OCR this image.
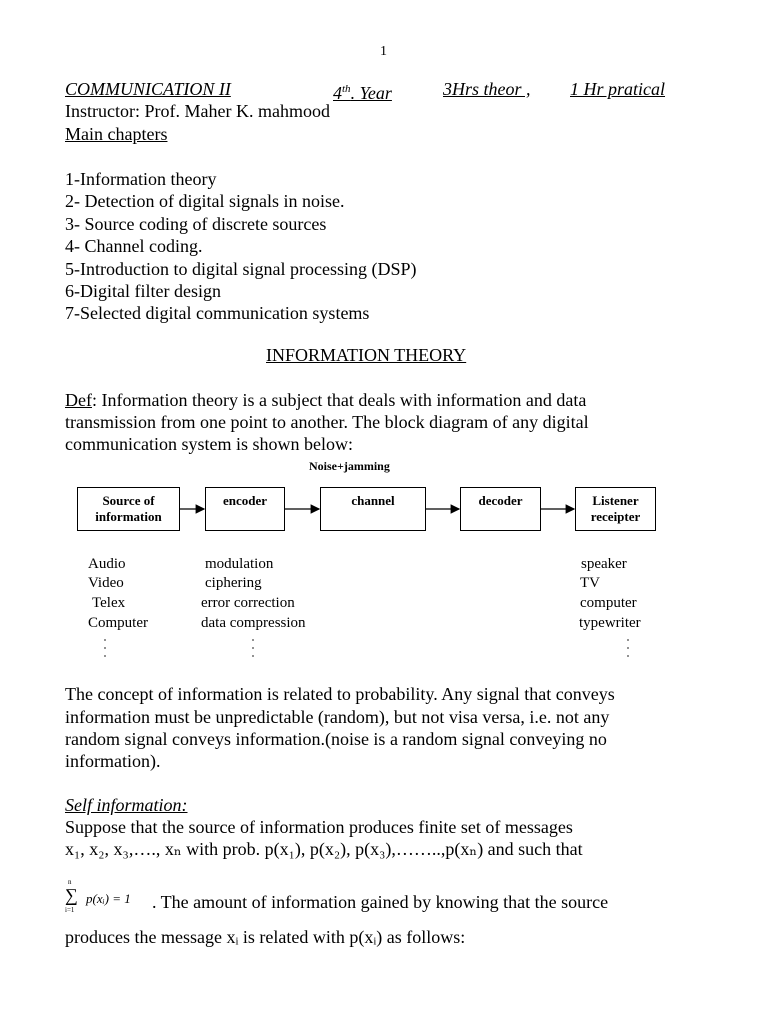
1
COMMUNICATION II	4th. Year	3Hrs theor , 1 Hr pratical
Instructor: Prof. Maher K. mahmood
Main chapters
1-Information theory
2- Detection of digital signals in noise.
3- Source coding of discrete sources
4- Channel coding.
5-Introduction to digital signal processing (DSP)
6-Digital filter design
7-Selected digital communication systems
INFORMATION THEORY
Def: Information theory is a subject that deals with information and data
transmission from one point to another. The block diagram of any digital
communication system is shown below:
Noise+jamming
Source of
information
encoder	channel	decoder	Listener
receipter
Audio
Video
Telex
Computer
modulation
ciphering
error correction
data compression
speaker
TV
computer
typewriter
The concept of information is related to probability. Any signal that conveys
information must be unpredictable (random), but not visa versa, i.e. not any
random signal conveys information.(noise is a random signal conveying no
information).
Self information:
Suppose that the source of information produces finite set of messages
x₁, x₂, x₃,…., xₙ with prob. p(x₁), p(x₂), p(x₃),……..,p(xₙ) and such that
n
∑
i=1
p(xᵢ) = 1 . The amount of information gained by knowing that the source
produces the message xᵢ is related with p(xᵢ) as follows:
